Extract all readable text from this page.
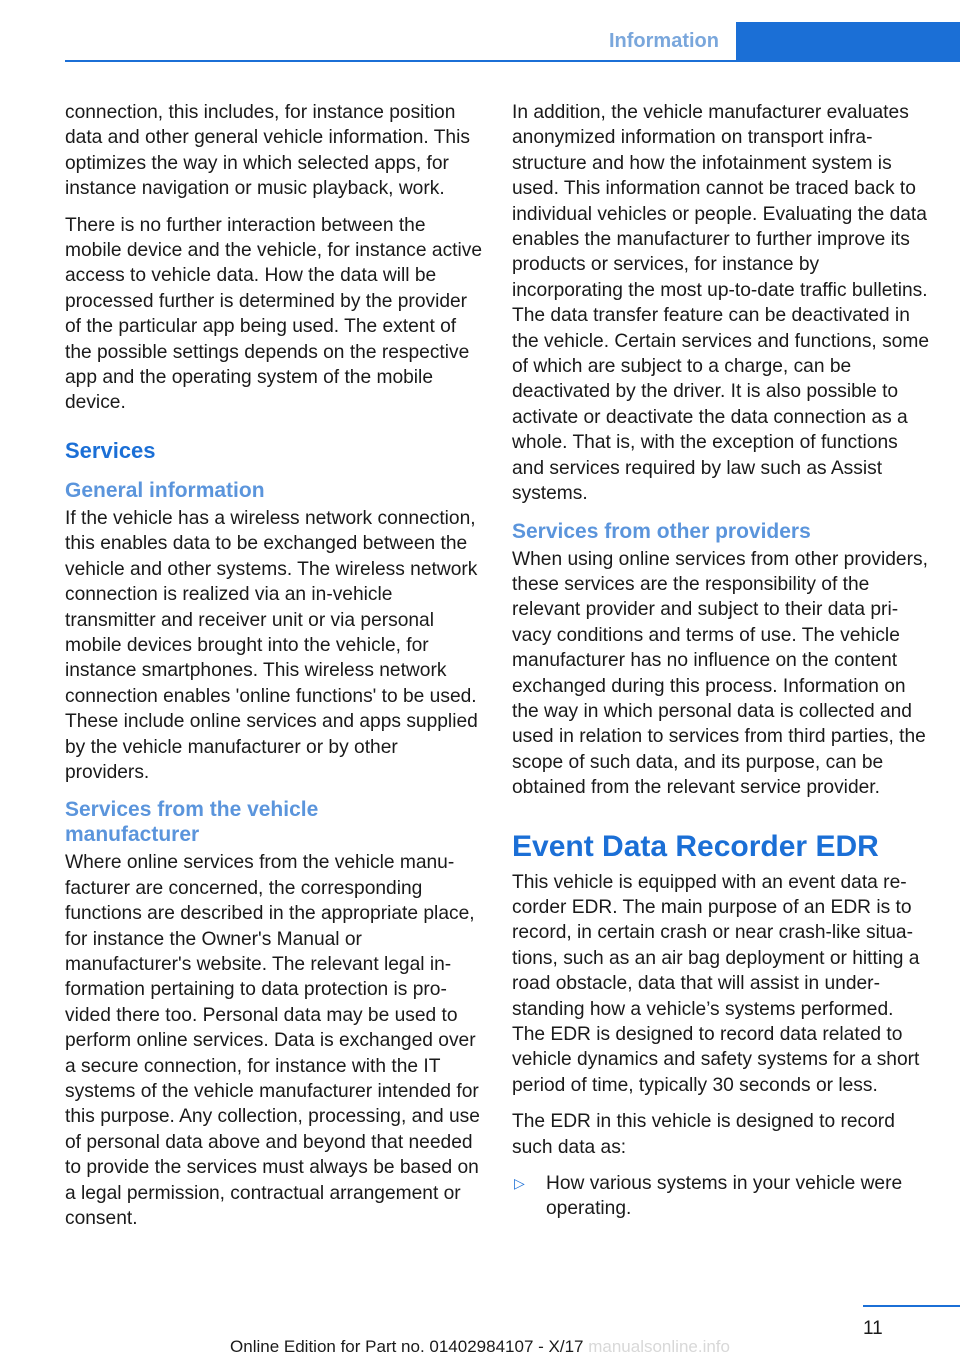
Information

connection, this includes, for instance position data and other general vehicle information. This optimizes the way in which selected apps, for instance navigation or music playback, work.

There is no further interaction between the mobile device and the vehicle, for instance active access to vehicle data. How the data will be processed further is determined by the provider of the particular app being used. The extent of the possible settings depends on the respective app and the operating system of the mobile device.

Services
General information

If the vehicle has a wireless network connection, this enables data to be exchanged between the vehicle and other systems. The wireless network connection is realized via an in-vehicle transmitter and receiver unit or via personal mobile devices brought into the vehicle, for instance smartphones. This wireless network connection enables 'online functions' to be used. These include online services and apps supplied by the vehicle manufacturer or by other providers.

Services from the vehicle manufacturer

Where online services from the vehicle manufacturer are concerned, the corresponding functions are described in the appropriate place, for instance the Owner's Manual or manufacturer's website. The relevant legal information pertaining to data protection is provided there too. Personal data may be used to perform online services. Data is exchanged over a secure connection, for instance with the IT systems of the vehicle manufacturer intended for this purpose. Any collection, processing, and use of personal data above and beyond that needed to provide the services must always be based on a legal permission, contractual arrangement or consent.

In addition, the vehicle manufacturer evaluates anonymized information on transport infrastructure and how the infotainment system is used. This information cannot be traced back to individual vehicles or people. Evaluating the data enables the manufacturer to further improve its products or services, for instance by incorporating the most up-to-date traffic bulletins. The data transfer feature can be deactivated in the vehicle. Certain services and functions, some of which are subject to a charge, can be deactivated by the driver. It is also possible to activate or deactivate the data connection as a whole. That is, with the exception of functions and services required by law such as Assist systems.

Services from other providers

When using online services from other providers, these services are the responsibility of the relevant provider and subject to their data privacy conditions and terms of use. The vehicle manufacturer has no influence on the content exchanged during this process. Information on the way in which personal data is collected and used in relation to services from third parties, the scope of such data, and its purpose, can be obtained from the relevant service provider.

Event Data Recorder EDR

This vehicle is equipped with an event data recorder EDR. The main purpose of an EDR is to record, in certain crash or near crash-like situations, such as an air bag deployment or hitting a road obstacle, data that will assist in understanding how a vehicle’s systems performed. The EDR is designed to record data related to vehicle dynamics and safety systems for a short period of time, typically 30 seconds or less.

The EDR in this vehicle is designed to record such data as:

▷ How various systems in your vehicle were operating.
11
Online Edition for Part no. 01402984107 - X/17 manualsonline.info
